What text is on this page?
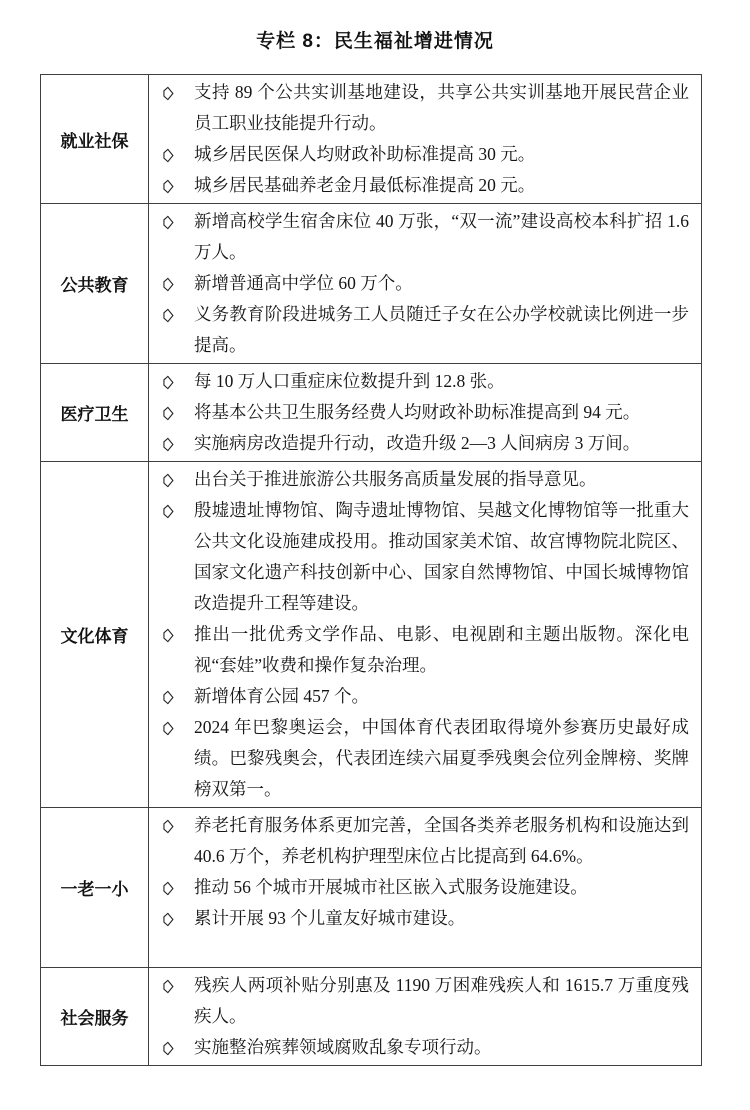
专栏 8：民生福祉增进情况
就业社保
支持 89 个公共实训基地建设，共享公共实训基地开展民营企业员工职业技能提升行动。
城乡居民医保人均财政补助标准提高 30 元。
城乡居民基础养老金月最低标准提高 20 元。
公共教育
新增高校学生宿舍床位 40 万张，“双一流”建设高校本科扩招 1.6 万人。
新增普通高中学位 60 万个。
义务教育阶段进城务工人员随迁子女在公办学校就读比例进一步提高。
医疗卫生
每 10 万人口重症床位数提升到 12.8 张。
将基本公共卫生服务经费人均财政补助标准提高到 94 元。
实施病房改造提升行动，改造升级 2—3 人间病房 3 万间。
文化体育
出台关于推进旅游公共服务高质量发展的指导意见。
殷墟遗址博物馆、陶寺遗址博物馆、吴越文化博物馆等一批重大公共文化设施建成投用。推动国家美术馆、故宫博物院北院区、国家文化遗产科技创新中心、国家自然博物馆、中国长城博物馆改造提升工程等建设。
推出一批优秀文学作品、电影、电视剧和主题出版物。深化电视“套娃”收费和操作复杂治理。
新增体育公园 457 个。
2024 年巴黎奥运会，中国体育代表团取得境外参赛历史最好成绩。巴黎残奥会，代表团连续六届夏季残奥会位列金牌榜、奖牌榜双第一。
一老一小
养老托育服务体系更加完善，全国各类养老服务机构和设施达到 40.6 万个，养老机构护理型床位占比提高到 64.6%。
推动 56 个城市开展城市社区嵌入式服务设施建设。
累计开展 93 个儿童友好城市建设。
社会服务
残疾人两项补贴分别惠及 1190 万困难残疾人和 1615.7 万重度残疾人。
实施整治殡葬领域腐败乱象专项行动。
